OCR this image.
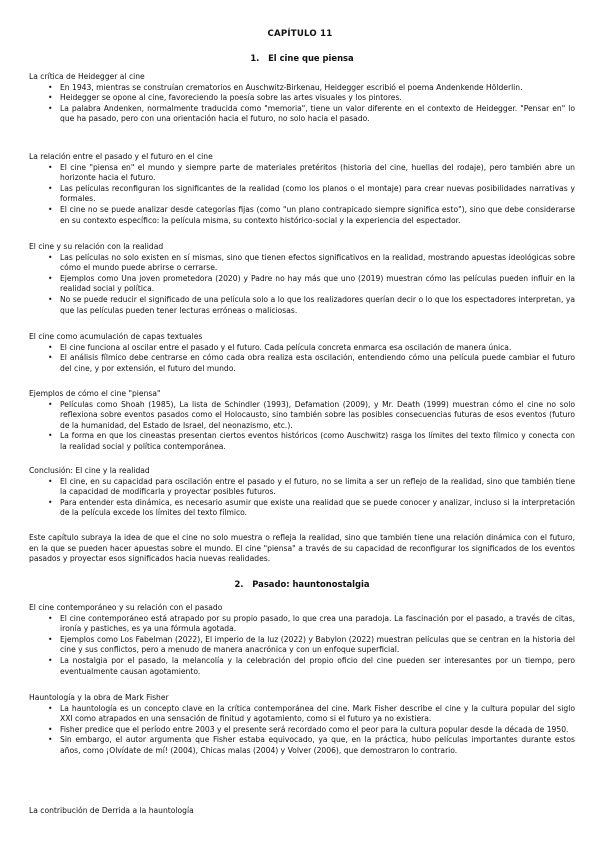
CAPÍTULO 11

1. El cine que piensa

La crítica de Heidegger al cine

• En 1943, mientras se construían crematorios en Auschwitz-Birkenau, Heidegger escribió el poema Andenkende Hölderlin.
• Heidegger se opone al cine, favoreciendo la poesía sobre las artes visuales y los pintores.
• La palabra Andenken, normalmente traducida como "memoria", tiene un valor diferente en el contexto de Heidegger. "Pensar en" lo que ha pasado, pero con una orientación hacia el futuro, no solo hacia el pasado.

La relación entre el pasado y el futuro en el cine

• El cine "piensa en" el mundo y siempre parte de materiales pretéritos (historia del cine, huellas del rodaje), pero también abre un horizonte hacia el futuro.
• Las películas reconfiguran los significantes de la realidad (como los planos o el montaje) para crear nuevas posibilidades narrativas y formales.
• El cine no se puede analizar desde categorías fijas (como "un plano contrapicado siempre significa esto"), sino que debe considerarse en su contexto específico: la película misma, su contexto histórico-social y la experiencia del espectador.

El cine y su relación con la realidad

• Las películas no solo existen en sí mismas, sino que tienen efectos significativos en la realidad, mostrando apuestas ideológicas sobre cómo el mundo puede abrirse o cerrarse.
• Ejemplos como Una joven prometedora (2020) y Padre no hay más que uno (2019) muestran cómo las películas pueden influir en la realidad social y política.
• No se puede reducir el significado de una película solo a lo que los realizadores querían decir o lo que los espectadores interpretan, ya que las películas pueden tener lecturas erróneas o maliciosas.

El cine como acumulación de capas textuales

• El cine funciona al oscilar entre el pasado y el futuro. Cada película concreta enmarca esa oscilación de manera única.
• El análisis fílmico debe centrarse en cómo cada obra realiza esta oscilación, entendiendo cómo una película puede cambiar el futuro del cine, y por extensión, el futuro del mundo.

Ejemplos de cómo el cine "piensa"

• Películas como Shoah (1985), La lista de Schindler (1993), Defamation (2009), y Mr. Death (1999) muestran cómo el cine no solo reflexiona sobre eventos pasados como el Holocausto, sino también sobre las posibles consecuencias futuras de esos eventos (futuro de la humanidad, del Estado de Israel, del neonazismo, etc.).
• La forma en que los cineastas presentan ciertos eventos históricos (como Auschwitz) rasga los límites del texto fílmico y conecta con la realidad social y política contemporánea.

Conclusión: El cine y la realidad

• El cine, en su capacidad para oscilación entre el pasado y el futuro, no se limita a ser un reflejo de la realidad, sino que también tiene la capacidad de modificarla y proyectar posibles futuros.
• Para entender esta dinámica, es necesario asumir que existe una realidad que se puede conocer y analizar, incluso si la interpretación de la película excede los límites del texto fílmico.

Este capítulo subraya la idea de que el cine no solo muestra o refleja la realidad, sino que también tiene una relación dinámica con el futuro, en la que se pueden hacer apuestas sobre el mundo. El cine "piensa" a través de su capacidad de reconfigurar los significados de los eventos pasados y proyectar esos significados hacia nuevas realidades.

2. Pasado: hauntonostalgia

El cine contemporáneo y su relación con el pasado

• El cine contemporáneo está atrapado por su propio pasado, lo que crea una paradoja. La fascinación por el pasado, a través de citas, ironía y pastiches, es ya una fórmula agotada.
• Ejemplos como Los Fabelman (2022), El imperio de la luz (2022) y Babylon (2022) muestran películas que se centran en la historia del cine y sus conflictos, pero a menudo de manera anacrónica y con un enfoque superficial.
• La nostalgia por el pasado, la melancolía y la celebración del propio oficio del cine pueden ser interesantes por un tiempo, pero eventualmente causan agotamiento.

Hauntología y la obra de Mark Fisher

• La hauntología es un concepto clave en la crítica contemporánea del cine. Mark Fisher describe el cine y la cultura popular del siglo XXI como atrapados en una sensación de finitud y agotamiento, como si el futuro ya no existiera.
• Fisher predice que el período entre 2003 y el presente será recordado como el peor para la cultura popular desde la década de 1950.
• Sin embargo, el autor argumenta que Fisher estaba equivocado, ya que, en la práctica, hubo películas importantes durante estos años, como ¡Olvídate de mí! (2004), Chicas malas (2004) y Volver (2006), que demostraron lo contrario.

La contribución de Derrida a la hauntología
